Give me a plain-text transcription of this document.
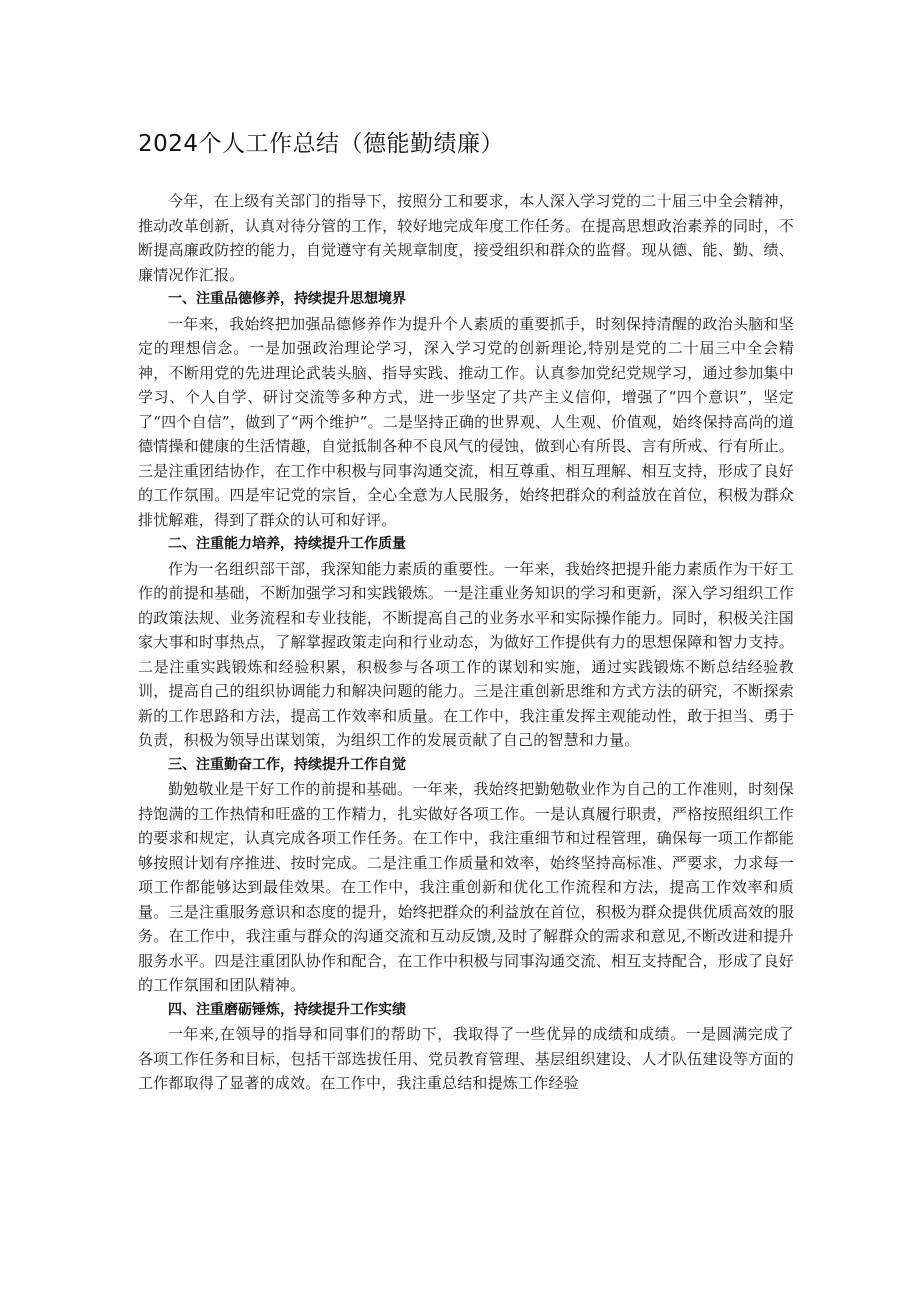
2024个人工作总结（德能勤绩廉）

今年，在上级有关部门的指导下，按照分工和要求，本人深入学习党的二十届三中全会精神，推动改革创新，认真对待分管的工作，较好地完成年度工作任务。在提高思想政治素养的同时，不断提高廉政防控的能力，自觉遵守有关规章制度，接受组织和群众的监督。现从德、能、勤、绩、廉情况作汇报。

一、注重品德修养，持续提升思想境界

一年来，我始终把加强品德修养作为提升个人素质的重要抓手，时刻保持清醒的政治头脑和坚定的理想信念。一是加强政治理论学习，深入学习党的创新理论,特别是党的二十届三中全会精神，不断用党的先进理论武装头脑、指导实践、推动工作。认真参加党纪党规学习，通过参加集中学习、个人自学、研讨交流等多种方式，进一步坚定了共产主义信仰，增强了“四个意识”，坚定了“四个自信”，做到了“两个维护”。二是坚持正确的世界观、人生观、价值观，始终保持高尚的道德情操和健康的生活情趣，自觉抵制各种不良风气的侵蚀，做到心有所畏、言有所戒、行有所止。三是注重团结协作，在工作中积极与同事沟通交流，相互尊重、相互理解、相互支持，形成了良好的工作氛围。四是牢记党的宗旨，全心全意为人民服务，始终把群众的利益放在首位，积极为群众排忧解难，得到了群众的认可和好评。

二、注重能力培养，持续提升工作质量

作为一名组织部干部，我深知能力素质的重要性。一年来，我始终把提升能力素质作为干好工作的前提和基础，不断加强学习和实践锻炼。一是注重业务知识的学习和更新，深入学习组织工作的政策法规、业务流程和专业技能，不断提高自己的业务水平和实际操作能力。同时，积极关注国家大事和时事热点，了解掌握政策走向和行业动态，为做好工作提供有力的思想保障和智力支持。二是注重实践锻炼和经验积累，积极参与各项工作的谋划和实施，通过实践锻炼不断总结经验教训，提高自己的组织协调能力和解决问题的能力。三是注重创新思维和方式方法的研究，不断探索新的工作思路和方法，提高工作效率和质量。在工作中，我注重发挥主观能动性，敢于担当、勇于负责，积极为领导出谋划策，为组织工作的发展贡献了自己的智慧和力量。

三、注重勤奋工作，持续提升工作自觉

勤勉敬业是干好工作的前提和基础。一年来，我始终把勤勉敬业作为自己的工作准则，时刻保持饱满的工作热情和旺盛的工作精力，扎实做好各项工作。一是认真履行职责，严格按照组织工作的要求和规定，认真完成各项工作任务。在工作中，我注重细节和过程管理，确保每一项工作都能够按照计划有序推进、按时完成。二是注重工作质量和效率，始终坚持高标准、严要求，力求每一项工作都能够达到最佳效果。在工作中，我注重创新和优化工作流程和方法，提高工作效率和质量。三是注重服务意识和态度的提升，始终把群众的利益放在首位，积极为群众提供优质高效的服务。在工作中，我注重与群众的沟通交流和互动反馈,及时了解群众的需求和意见,不断改进和提升服务水平。四是注重团队协作和配合，在工作中积极与同事沟通交流、相互支持配合，形成了良好的工作氛围和团队精神。

四、注重磨砺锤炼，持续提升工作实绩

一年来,在领导的指导和同事们的帮助下，我取得了一些优异的成绩和成绩。一是圆满完成了各项工作任务和目标，包括干部选拔任用、党员教育管理、基层组织建设、人才队伍建设等方面的工作都取得了显著的成效。在工作中，我注重总结和提炼工作经验
